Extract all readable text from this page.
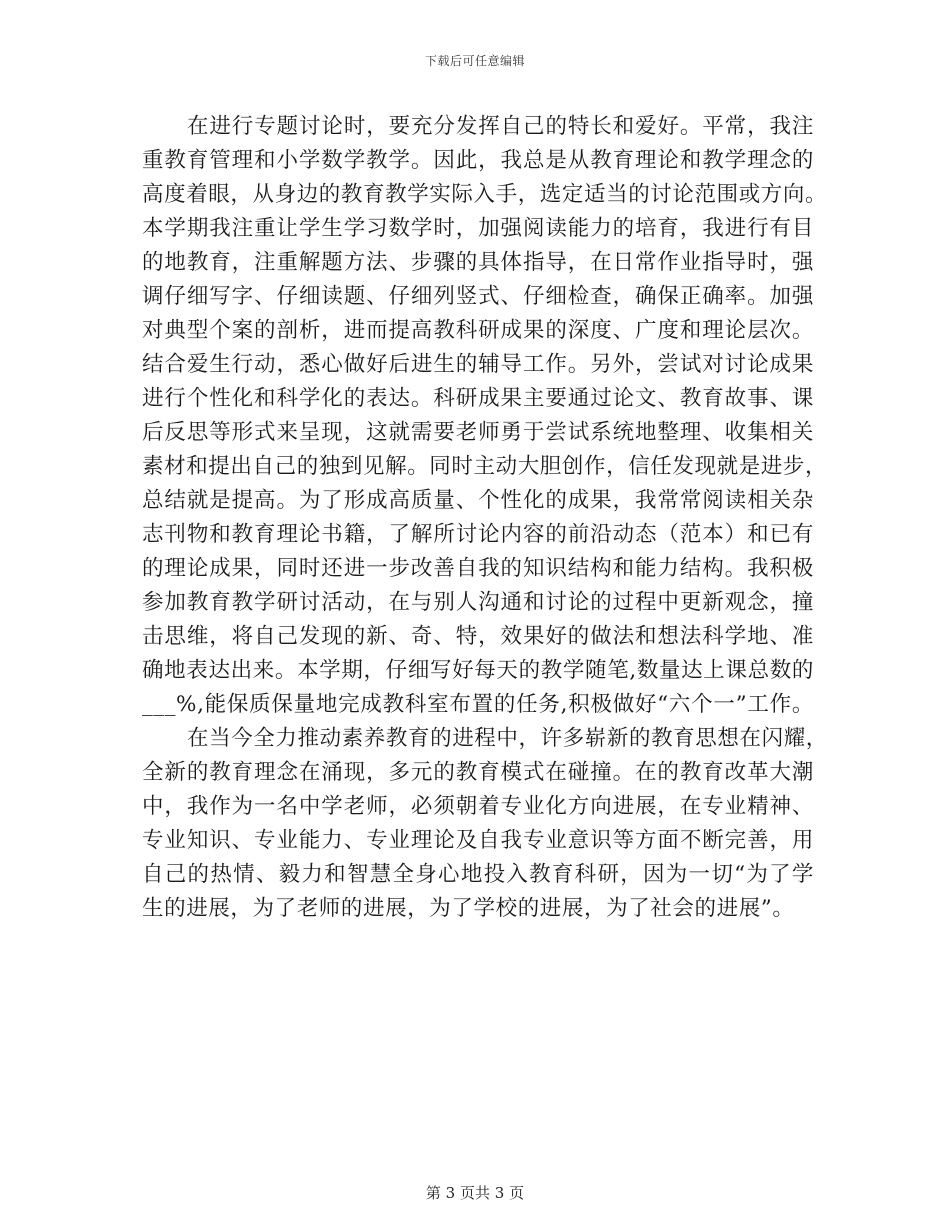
下载后可任意编辑
在进行专题讨论时，要充分发挥自己的特长和爱好。平常，我注
重教育管理和小学数学教学。因此，我总是从教育理论和教学理念的
高度着眼，从身边的教育教学实际入手，选定适当的讨论范围或方向。
本学期我注重让学生学习数学时，加强阅读能力的培育，我进行有目
的地教育，注重解题方法、步骤的具体指导，在日常作业指导时，强
调仔细写字、仔细读题、仔细列竖式、仔细检查，确保正确率。加强
对典型个案的剖析，进而提高教科研成果的深度、广度和理论层次。
结合爱生行动，悉心做好后进生的辅导工作。另外，尝试对讨论成果
进行个性化和科学化的表达。科研成果主要通过论文、教育故事、课
后反思等形式来呈现，这就需要老师勇于尝试系统地整理、收集相关
素材和提出自己的独到见解。同时主动大胆创作，信任发现就是进步，
总结就是提高。为了形成高质量、个性化的成果，我常常阅读相关杂
志刊物和教育理论书籍，了解所讨论内容的前沿动态（范本）和已有
的理论成果，同时还进一步改善自我的知识结构和能力结构。我积极
参加教育教学研讨活动，在与别人沟通和讨论的过程中更新观念，撞
击思维，将自己发现的新、奇、特，效果好的做法和想法科学地、准
确地表达出来。本学期，仔细写好每天的教学随笔,数量达上课总数的
___%,能保质保量地完成教科室布置的任务,积极做好“六个一”工作。
在当今全力推动素养教育的进程中，许多崭新的教育思想在闪耀，
全新的教育理念在涌现，多元的教育模式在碰撞。在的教育改革大潮
中，我作为一名中学老师，必须朝着专业化方向进展，在专业精神、
专业知识、专业能力、专业理论及自我专业意识等方面不断完善，用
自己的热情、毅力和智慧全身心地投入教育科研，因为一切“为了学
生的进展，为了老师的进展，为了学校的进展，为了社会的进展”。
第 3 页共 3 页
